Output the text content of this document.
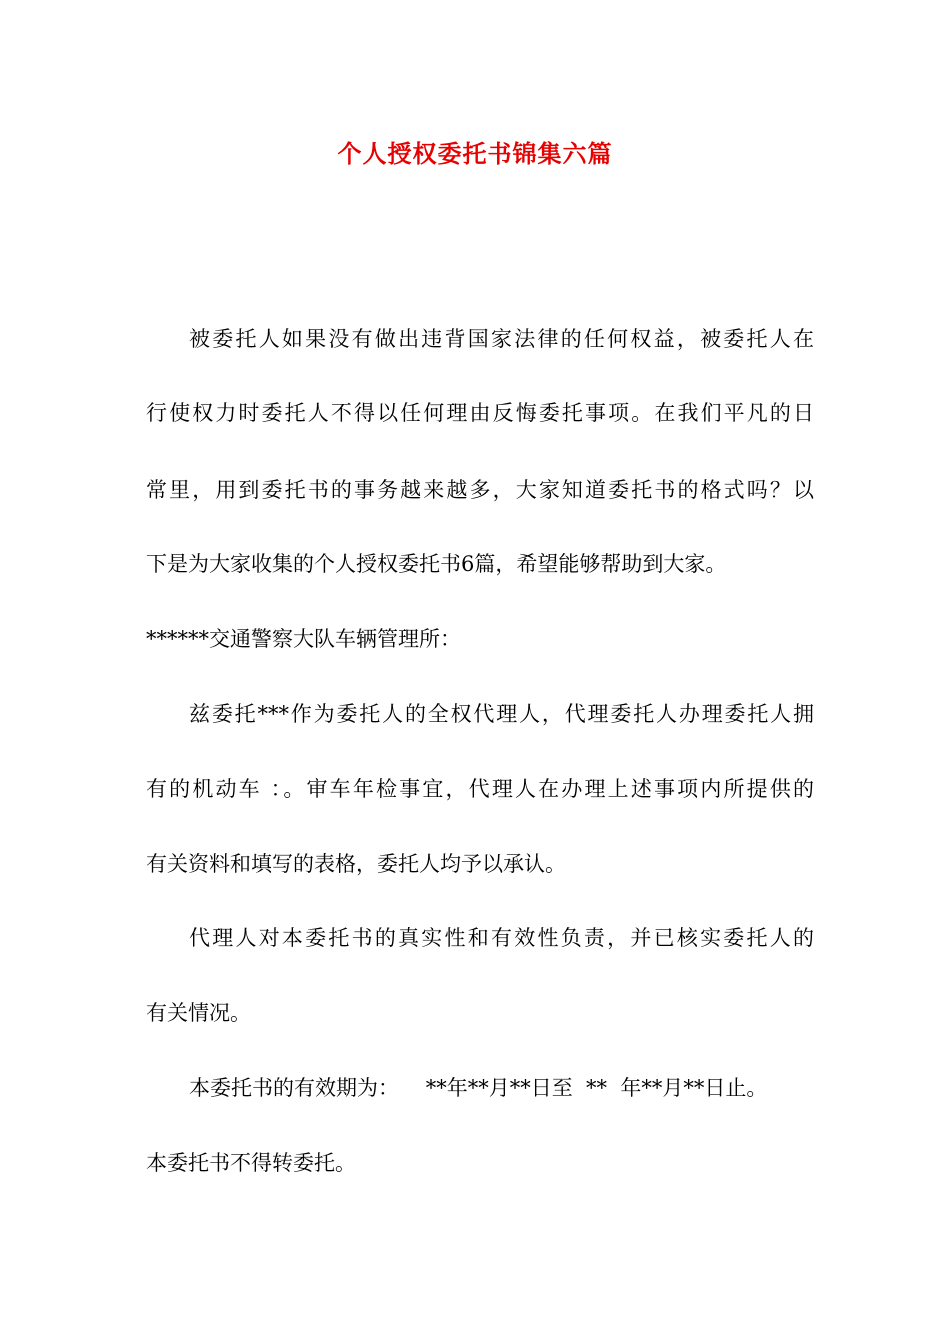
个人授权委托书锦集六篇
被委托人如果没有做出违背国家法律的任何权益，被委托人在
行使权力时委托人不得以任何理由反悔委托事项。在我们平凡的日
常里，用到委托书的事务越来越多，大家知道委托书的格式吗？以
下是为大家收集的个人授权委托书6篇，希望能够帮助到大家。
******交通警察大队车辆管理所：
兹委托***作为委托人的全权代理人，代理委托人办理委托人拥
有的机动车 ：。审车年检事宜，代理人在办理上述事项内所提供的
有关资料和填写的表格，委托人均予以承认。
代理人对本委托书的真实性和有效性负责，并已核实委托人的
有关情况。
本委托书的有效期为：    **年**月**日至  **  年**月**日止。
本委托书不得转委托。
